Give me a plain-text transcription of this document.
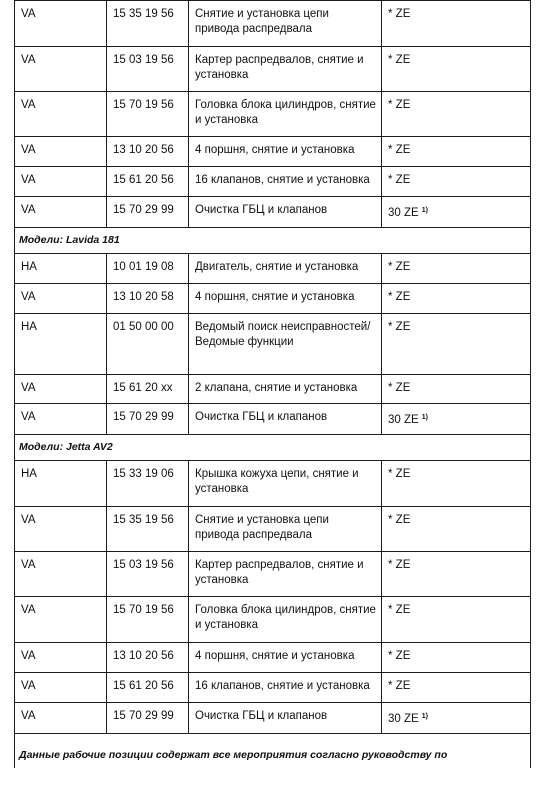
VA	15 35 19 56	Снятие и установка цепи привода распредвала	* ZE
VA	15 03 19 56	Картер распредвалов, снятие и установка	* ZE
VA	15 70 19 56	Головка блока цилиндров, снятие и установка	* ZE
VA	13 10 20 56	4 поршня, снятие и установка	* ZE
VA	15 61 20 56	16 клапанов, снятие и установка	* ZE
VA	15 70 29 99	Очистка ГБЦ и клапанов	30 ZE $^{1)}$
Модели: Lavida 181			
HA	10 01 19 08	Двигатель, снятие и установка	* ZE
VA	13 10 20 58	4 поршня, снятие и установка	* ZE
HA	01 50 00 00	Ведомый поиск неисправностей/Ведомые функции	* ZE
VA	15 61 20 xx	2 клапана, снятие и установка	* ZE
VA	15 70 29 99	Очистка ГБЦ и клапанов	30 ZE $^{1)}$
Модели: Jetta AV2			
HA	15 33 19 06	Крышка кожуха цепи, снятие и установка	* ZE
VA	15 35 19 56	Снятие и установка цепи привода распредвала	* ZE
VA	15 03 19 56	Картер распредвалов, снятие и установка	* ZE
VA	15 70 19 56	Головка блока цилиндров, снятие и установка	* ZE
VA	13 10 20 56	4 поршня, снятие и установка	* ZE
VA	15 61 20 56	16 клапанов, снятие и установка	* ZE
VA	15 70 29 99	Очистка ГБЦ и клапанов	30 ZE $^{1)}$
Данные рабочие позиции содержат все мероприятия согласно руководству по			
